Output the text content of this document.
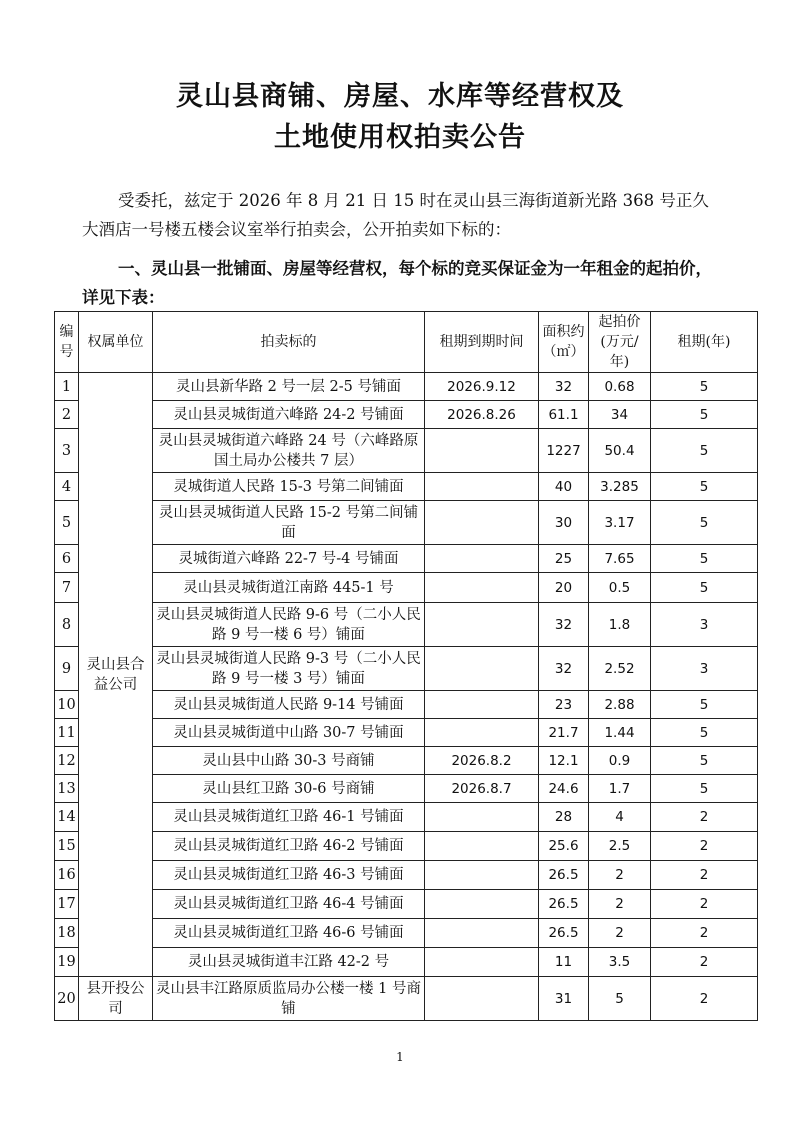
灵山县商铺、房屋、水库等经营权及
土地使用权拍卖公告
受委托，兹定于 2026 年 8 月 21 日 15 时在灵山县三海街道新光路 368 号正久大酒店一号楼五楼会议室举行拍卖会，公开拍卖如下标的：
一、灵山县一批铺面、房屋等经营权，每个标的竞买保证金为一年租金的起拍价，详见下表：
编号	权属单位	拍卖标的	租期到期时间	面积约（㎡）	起拍价(万元/年)	租期(年)
1	灵山县合益公司	灵山县新华路 2 号一层 2-5 号铺面	2026.9.12	32	0.68	5
2		灵山县灵城街道六峰路 24-2 号铺面	2026.8.26	61.1	34	5
3		灵山县灵城街道六峰路 24 号（六峰路原国土局办公楼共 7 层）		1227	50.4	5
4		灵城街道人民路 15-3 号第二间铺面		40	3.285	5
5		灵山县灵城街道人民路 15-2 号第二间铺面		30	3.17	5
6		灵城街道六峰路 22-7 号-4 号铺面		25	7.65	5
7		灵山县灵城街道江南路 445-1 号		20	0.5	5
8		灵山县灵城街道人民路 9-6 号（二小人民路 9 号一楼 6 号）铺面		32	1.8	3
9		灵山县灵城街道人民路 9-3 号（二小人民路 9 号一楼 3 号）铺面		32	2.52	3
10		灵山县灵城街道人民路 9-14 号铺面		23	2.88	5
11		灵山县灵城街道中山路 30-7 号铺面		21.7	1.44	5
12		灵山县中山路 30-3 号商铺	2026.8.2	12.1	0.9	5
13		灵山县红卫路 30-6 号商铺	2026.8.7	24.6	1.7	5
14		灵山县灵城街道红卫路 46-1 号铺面		28	4	2
15		灵山县灵城街道红卫路 46-2 号铺面		25.6	2.5	2
16		灵山县灵城街道红卫路 46-3 号铺面		26.5	2	2
17		灵山县灵城街道红卫路 46-4 号铺面		26.5	2	2
18		灵山县灵城街道红卫路 46-6 号铺面		26.5	2	2
19		灵山县灵城街道丰江路 42-2 号		11	3.5	2
20	县开投公司	灵山县丰江路原质监局办公楼一楼 1 号商铺		31	5	2
1
